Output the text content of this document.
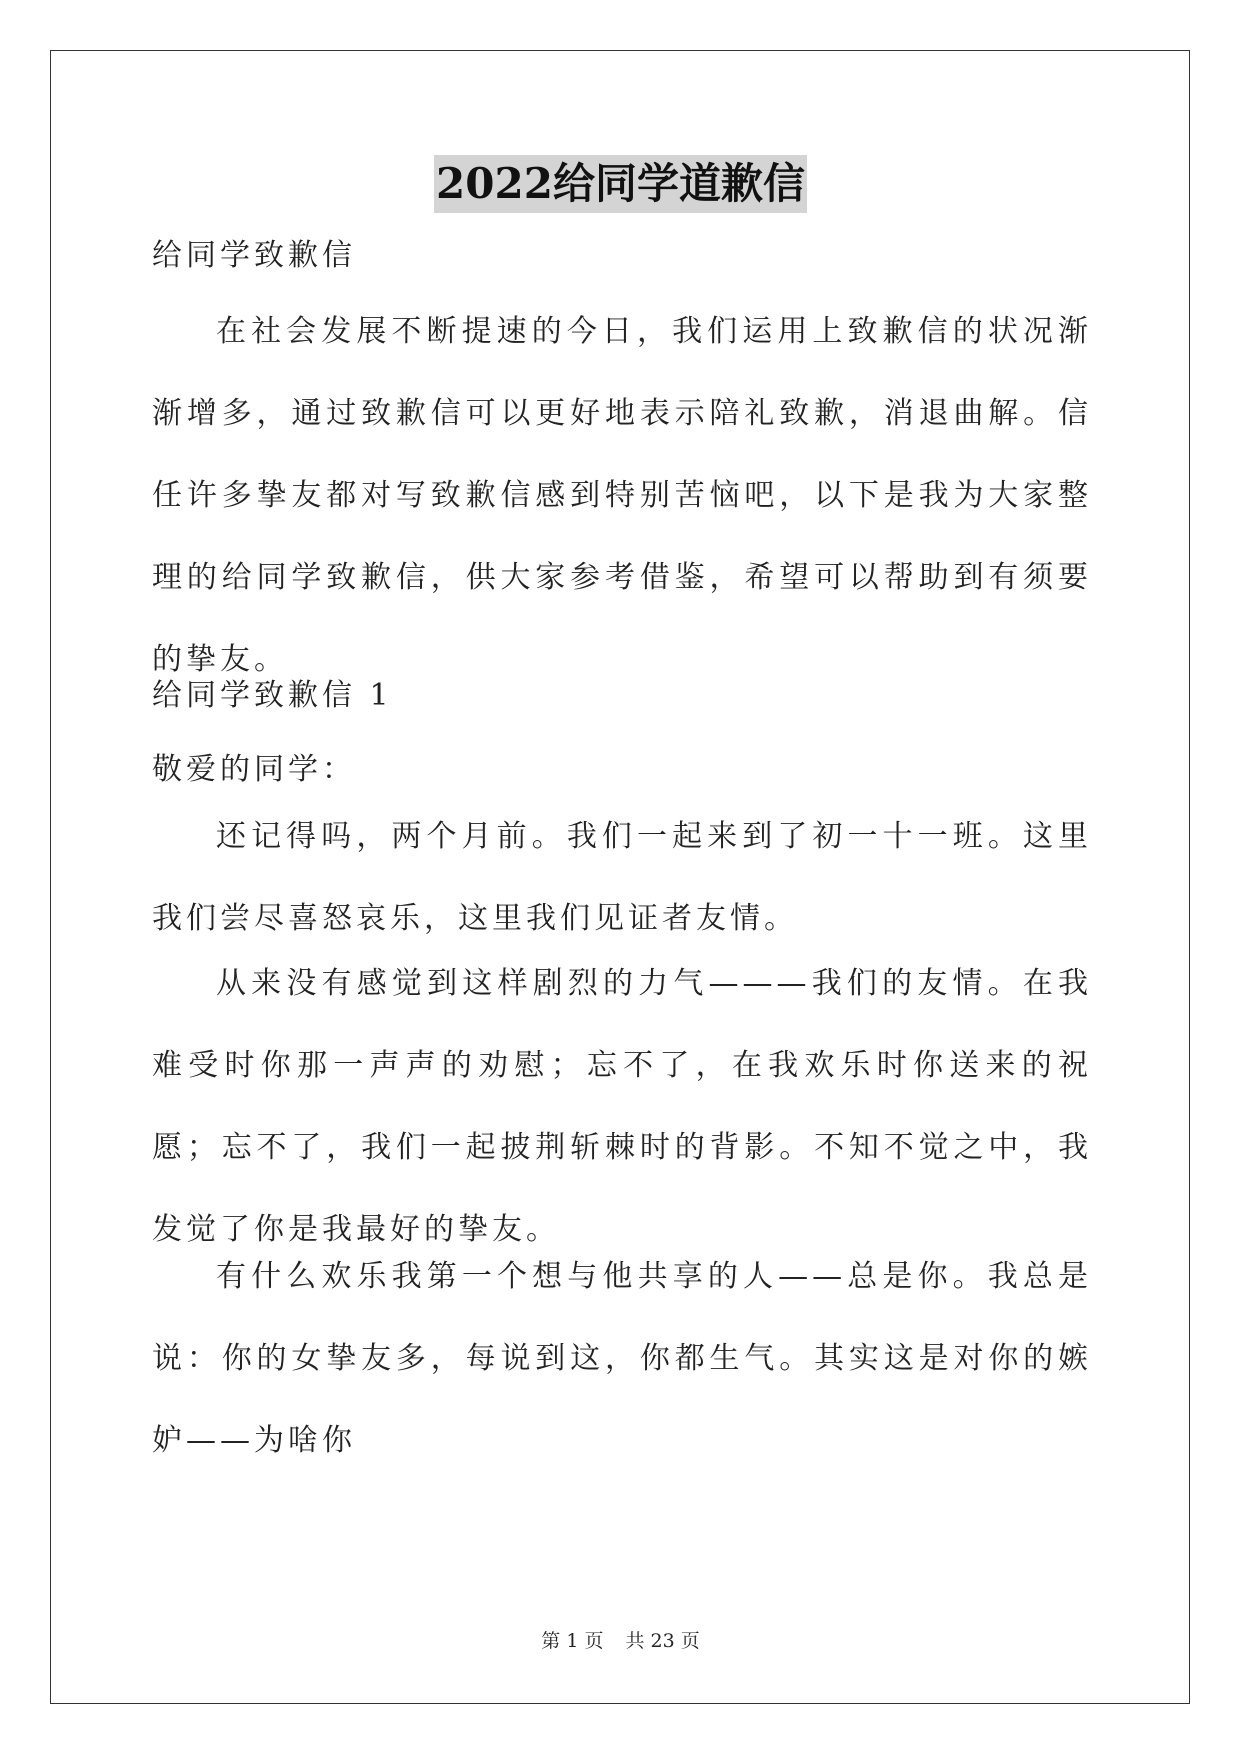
2022给同学道歉信

给同学致歉信

在社会发展不断提速的今日，我们运用上致歉信的状况渐渐增多，通过致歉信可以更好地表示陪礼致歉，消退曲解。信任许多挚友都对写致歉信感到特别苦恼吧，以下是我为大家整理的给同学致歉信，供大家参考借鉴，希望可以帮助到有须要的挚友。

给同学致歉信 1

敬爱的同学：

还记得吗，两个月前。我们一起来到了初一十一班。这里我们尝尽喜怒哀乐，这里我们见证者友情。

从来没有感觉到这样剧烈的力气———我们的友情。在我难受时你那一声声的劝慰；忘不了，在我欢乐时你送来的祝愿；忘不了，我们一起披荆斩棘时的背影。不知不觉之中，我发觉了你是我最好的挚友。

有什么欢乐我第一个想与他共享的人——总是你。我总是说：你的女挚友多，每说到这，你都生气。其实这是对你的嫉妒——为啥你

第 1 页 共 23 页
